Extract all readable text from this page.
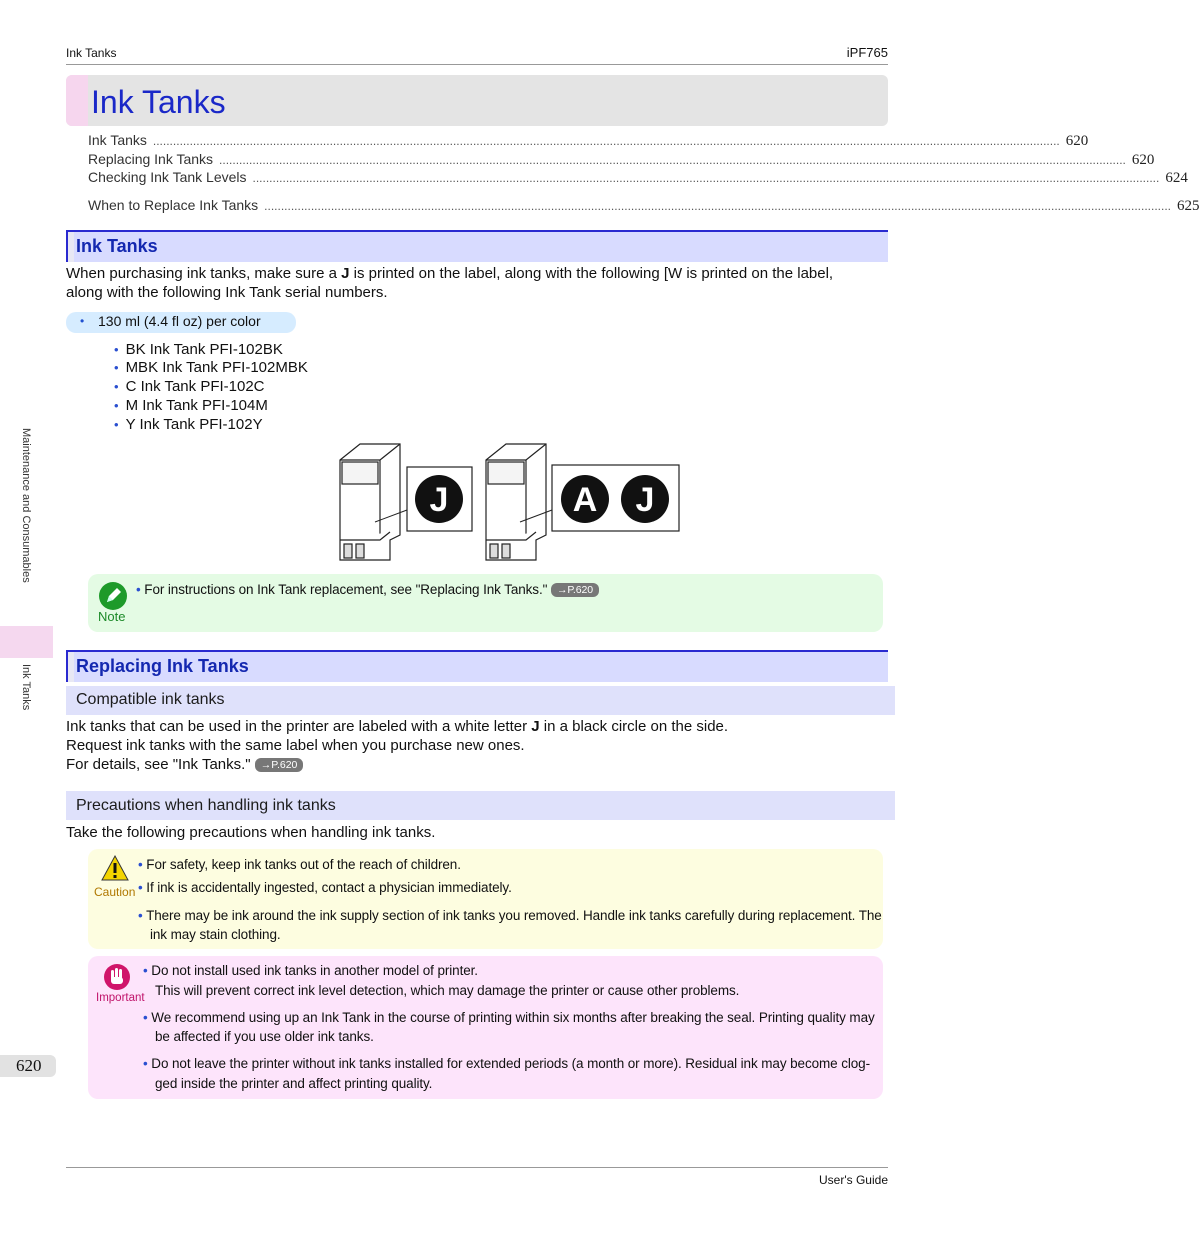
Ink Tanks	iPF765
Ink Tanks
Ink Tanks ................................................................................................................................................................................................................................................................................ 620
Replacing Ink Tanks ................................................................................................................................................................................................................................................................................ 620
Checking Ink Tank Levels ................................................................................................................................................................................................................................................................................ 624
When to Replace Ink Tanks ................................................................................................................................................................................................................................................................................ 625
Ink Tanks
When purchasing ink tanks, make sure a J is printed on the label, along with the following [W is printed on the label,
along with the following Ink Tank serial numbers.
• 130 ml (4.4 fl oz) per color
• BK Ink Tank PFI-102BK
• MBK Ink Tank PFI-102MBK
• C Ink Tank PFI-102C
• M Ink Tank PFI-104M
• Y Ink Tank PFI-102Y
J	A J
Note
• For instructions on Ink Tank replacement, see "Replacing Ink Tanks." →P.620
Replacing Ink Tanks
Compatible ink tanks
Ink tanks that can be used in the printer are labeled with a white letter J in a black circle on the side.
Request ink tanks with the same label when you purchase new ones.
For details, see "Ink Tanks." →P.620
Precautions when handling ink tanks
Take the following precautions when handling ink tanks.
Caution
• For safety, keep ink tanks out of the reach of children.
• If ink is accidentally ingested, contact a physician immediately.
• There may be ink around the ink supply section of ink tanks you removed. Handle ink tanks carefully during replacement. The
ink may stain clothing.
Important
• Do not install used ink tanks in another model of printer.
This will prevent correct ink level detection, which may damage the printer or cause other problems.
• We recommend using up an Ink Tank in the course of printing within six months after breaking the seal. Printing quality may
be affected if you use older ink tanks.
• Do not leave the printer without ink tanks installed for extended periods (a month or more). Residual ink may become clog-
ged inside the printer and affect printing quality.
Maintenance and Consumables
Ink Tanks
620
User's Guide
